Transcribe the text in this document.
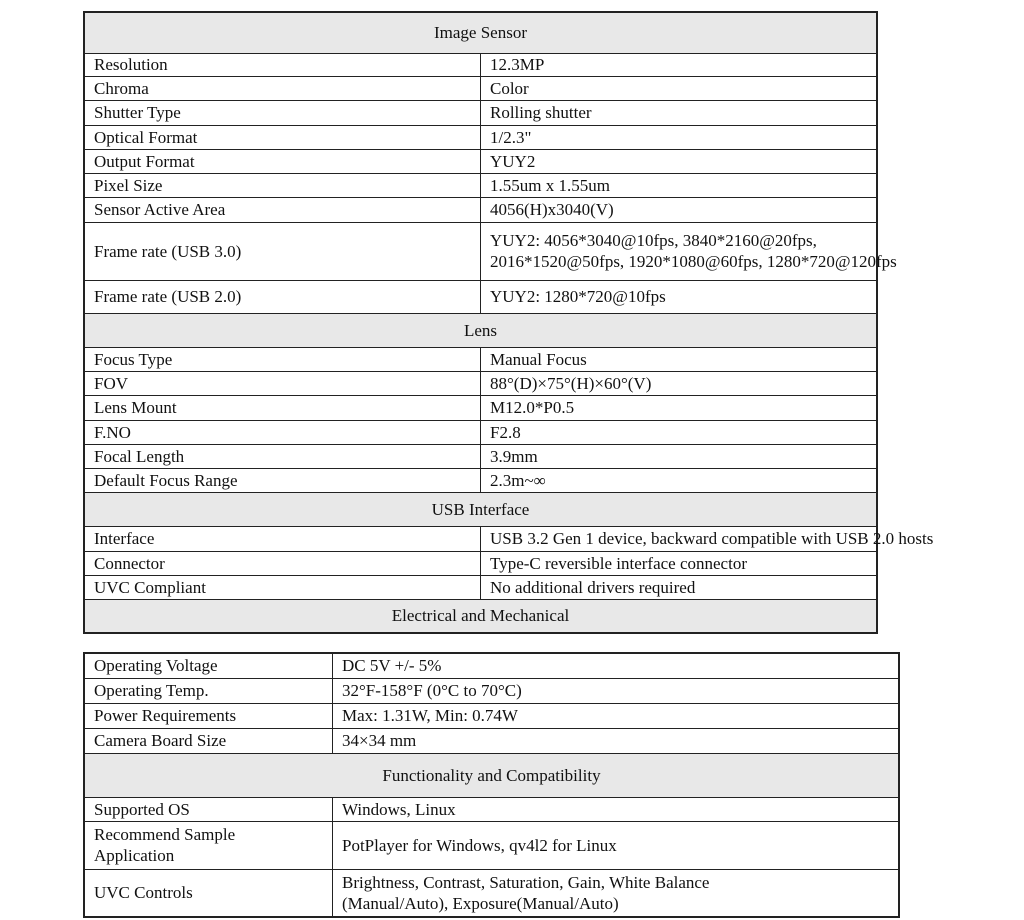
Image Sensor	
Resolution	12.3MP
Chroma	Color
Shutter Type	Rolling shutter
Optical Format	1/2.3"
Output Format	YUY2
Pixel Size	1.55um x 1.55um
Sensor Active Area	4056(H)x3040(V)
Frame rate (USB 3.0)	YUY2: 4056*3040@10fps, 3840*2160@20fps,
2016*1520@50fps, 1920*1080@60fps, 1280*720@120fps

Frame rate (USB 2.0)	YUY2: 1280*720@10fps
Lens	
Focus Type	Manual Focus
FOV	88°(D)×75°(H)×60°(V)
Lens Mount	M12.0*P0.5
F.NO	F2.8
Focal Length	3.9mm
Default Focus Range	2.3m~∞
USB Interface	
Interface	USB 3.2 Gen 1 device, backward compatible with USB 2.0 hosts
Connector	Type-C reversible interface connector
UVC Compliant	No additional drivers required
Electrical and Mechanical	
Operating Voltage	DC 5V +/- 5%
Operating Temp.	32°F-158°F (0°C to 70°C)
Power Requirements	Max: 1.31W, Min: 0.74W
Camera Board Size	34×34 mm
Functionality and Compatibility	
Supported OS	Windows, Linux

Recommend Sample
Application	PotPlayer for Windows, qv4l2 for Linux
UVC Controls	Brightness, Contrast, Saturation, Gain, White Balance
(Manual/Auto), Exposure(Manual/Auto)
